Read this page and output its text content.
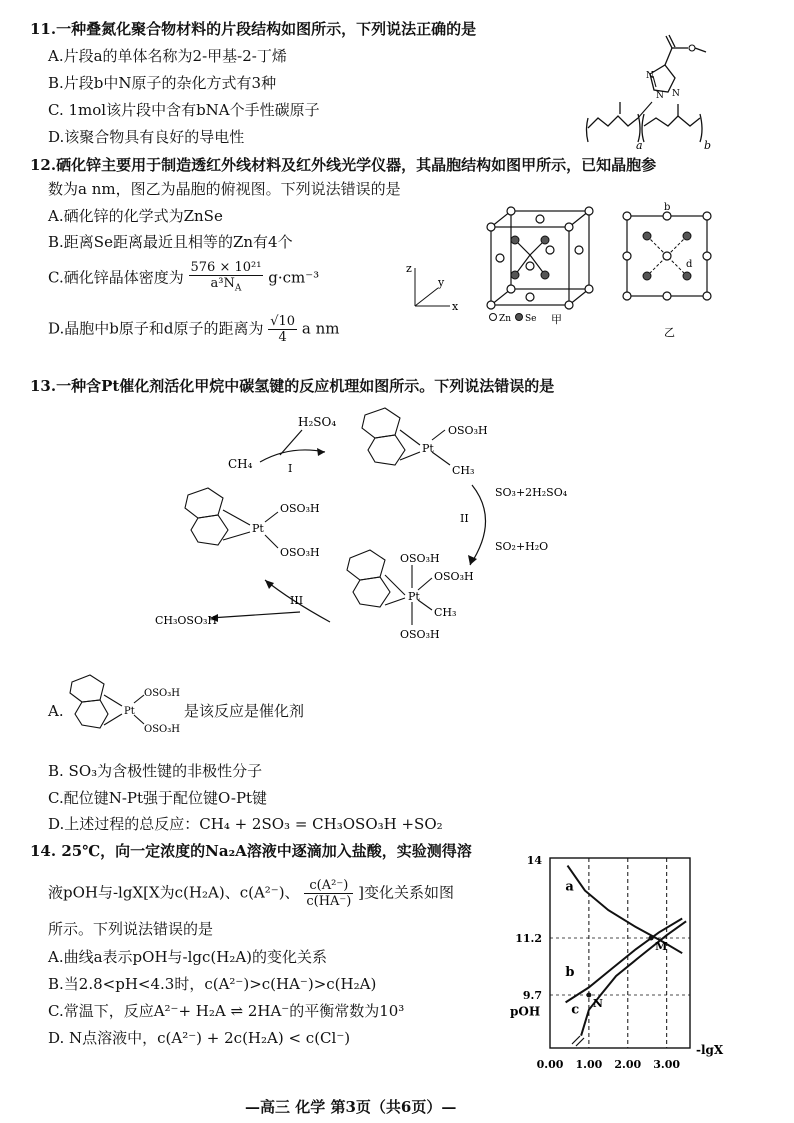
11.一种叠氮化聚合物材料的片段结构如图所示，下列说法正确的是
A.片段a的单体名称为2-甲基-2-丁烯
B.片段b中N原子的杂化方式有3种
C. 1mol该片段中含有bNA个手性碳原子
D.该聚合物具有良好的导电性
N
N N
a	b
12.硒化锌主要用于制造透红外线材料及红外线光学仪器，其晶胞结构如图甲所示，已知晶胞参
数为a nm，图乙为晶胞的俯视图。下列说法错误的是
A.硒化锌的化学式为ZnSe
B.距离Se距离最近且相等的Zn有4个
C.硒化锌晶体密度为 $\frac{\text{576 × 10²¹}}{a^3N_A} g\cdot cm^{-3}$
D.晶胞中b原子和d原子的距离为 $\frac{√10}{4}$ a nm
z
x
y
Zn Se 甲
b
d
乙
13.一种含Pt催化剂活化甲烷中碳氢键的反应机理如图所示。下列说法错误的是
CH₄
H₂SO₄
I
Pt
OSO₃H
CH₃
SO₃+2H₂SO₄
SO₂+H₂O
II
Pt
OSO₃H
OSO₃H
CH₃
OSO₃H
III
CH₃OSO₃H
Pt
OSO₃H
OSO₃H
A.	Pt
OSO₃H
OSO₃H
是该反应是催化剂
B. SO₃为含极性键的非极性分子
C.配位键N-Pt强于配位键O-Pt键
D.上述过程的总反应：CH₄ + 2SO₃ = CH₃OSO₃H +SO₂
14. 25℃，向一定浓度的Na₂A溶液中逐滴加入盐酸，实验测得溶
液pOH与-lgX[X为c(H₂A)、c(A²⁻)、 $\frac{\text{c(A²⁻)}}{c(HA^-)}$ ]变化关系如图
所示。下列说法错误的是
A.曲线a表示pOH与-lgc(H₂A)的变化关系
B.当2.8<pH<4.3时，c(A²⁻)>c(HA⁻)>c(H₂A)
C.常温下，反应A²⁻+ H₂A ⇌ 2HA⁻的平衡常数为10³
D. N点溶液中，c(A²⁻) + 2c(H₂A) < c(Cl⁻)
14
11.2
9.7
0.00 1.00 2.00 3.00
-lgX
pOH
a
b
c N
M
—高三 化学 第3页（共6页）—
